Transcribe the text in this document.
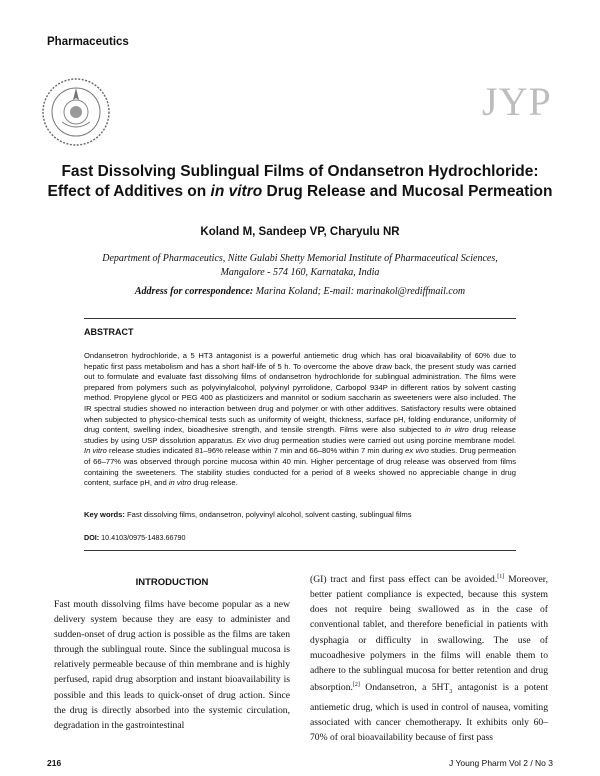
Pharmaceutics
JYP
Fast Dissolving Sublingual Films of Ondansetron Hydrochloride: Effect of Additives on in vitro Drug Release and Mucosal Permeation
Koland M, Sandeep VP, Charyulu NR
Department of Pharmaceutics, Nitte Gulabi Shetty Memorial Institute of Pharmaceutical Sciences,
Mangalore - 574 160, Karnataka, India
Address for correspondence: Marina Koland; E-mail: marinakol@rediffmail.com
ABSTRACT
Ondansetron hydrochloride, a 5 HT3 antagonist is a powerful antiemetic drug which has oral bioavailability of 60% due to hepatic first pass metabolism and has a short half-life of 5 h. To overcome the above draw back, the present study was carried out to formulate and evaluate fast dissolving films of ondansetron hydrochloride for sublingual administration. The films were prepared from polymers such as polyvinylalcohol, polyvinyl pyrrolidone, Carbopol 934P in different ratios by solvent casting method. Propylene glycol or PEG 400 as plasticizers and mannitol or sodium saccharin as sweeteners were also included. The IR spectral studies showed no interaction between drug and polymer or with other additives. Satisfactory results were obtained when subjected to physico-chemical tests such as uniformity of weight, thickness, surface pH, folding endurance, uniformity of drug content, swelling index, bioadhesive strength, and tensile strength. Films were also subjected to in vitro drug release studies by using USP dissolution apparatus. Ex vivo drug permeation studies were carried out using porcine membrane model. In vitro release studies indicated 81–96% release within 7 min and 66–80% within 7 min during ex vivo studies. Drug permeation of 66–77% was observed through porcine mucosa within 40 min. Higher percentage of drug release was observed from films containing the sweeteners. The stability studies conducted for a period of 8 weeks showed no appreciable change in drug content, surface pH, and in vitro drug release.
Key words: Fast dissolving films, ondansetron, polyvinyl alcohol, solvent casting, sublingual films
DOI: 10.4103/0975-1483.66790
INTRODUCTION
Fast mouth dissolving films have become popular as a new delivery system because they are easy to administer and sudden-onset of drug action is possible as the films are taken through the sublingual route. Since the sublingual mucosa is relatively permeable because of thin membrane and is highly perfused, rapid drug absorption and instant bioavailability is possible and this leads to quick-onset of drug action. Since the drug is directly absorbed into the systemic circulation, degradation in the gastrointestinal
(GI) tract and first pass effect can be avoided.[1] Moreover, better patient compliance is expected, because this system does not require being swallowed as in the case of conventional tablet, and therefore beneficial in patients with dysphagia or difficulty in swallowing. The use of mucoadhesive polymers in the films will enable them to adhere to the sublingual mucosa for better retention and drug absorption.[2] Ondansetron, a $5HT_3$ antagonist is a potent antiemetic drug, which is used in control of nausea, vomiting associated with cancer chemotherapy. It exhibits only 60–70% of oral bioavailability because of first pass
216	J Young Pharm Vol 2 / No 3
